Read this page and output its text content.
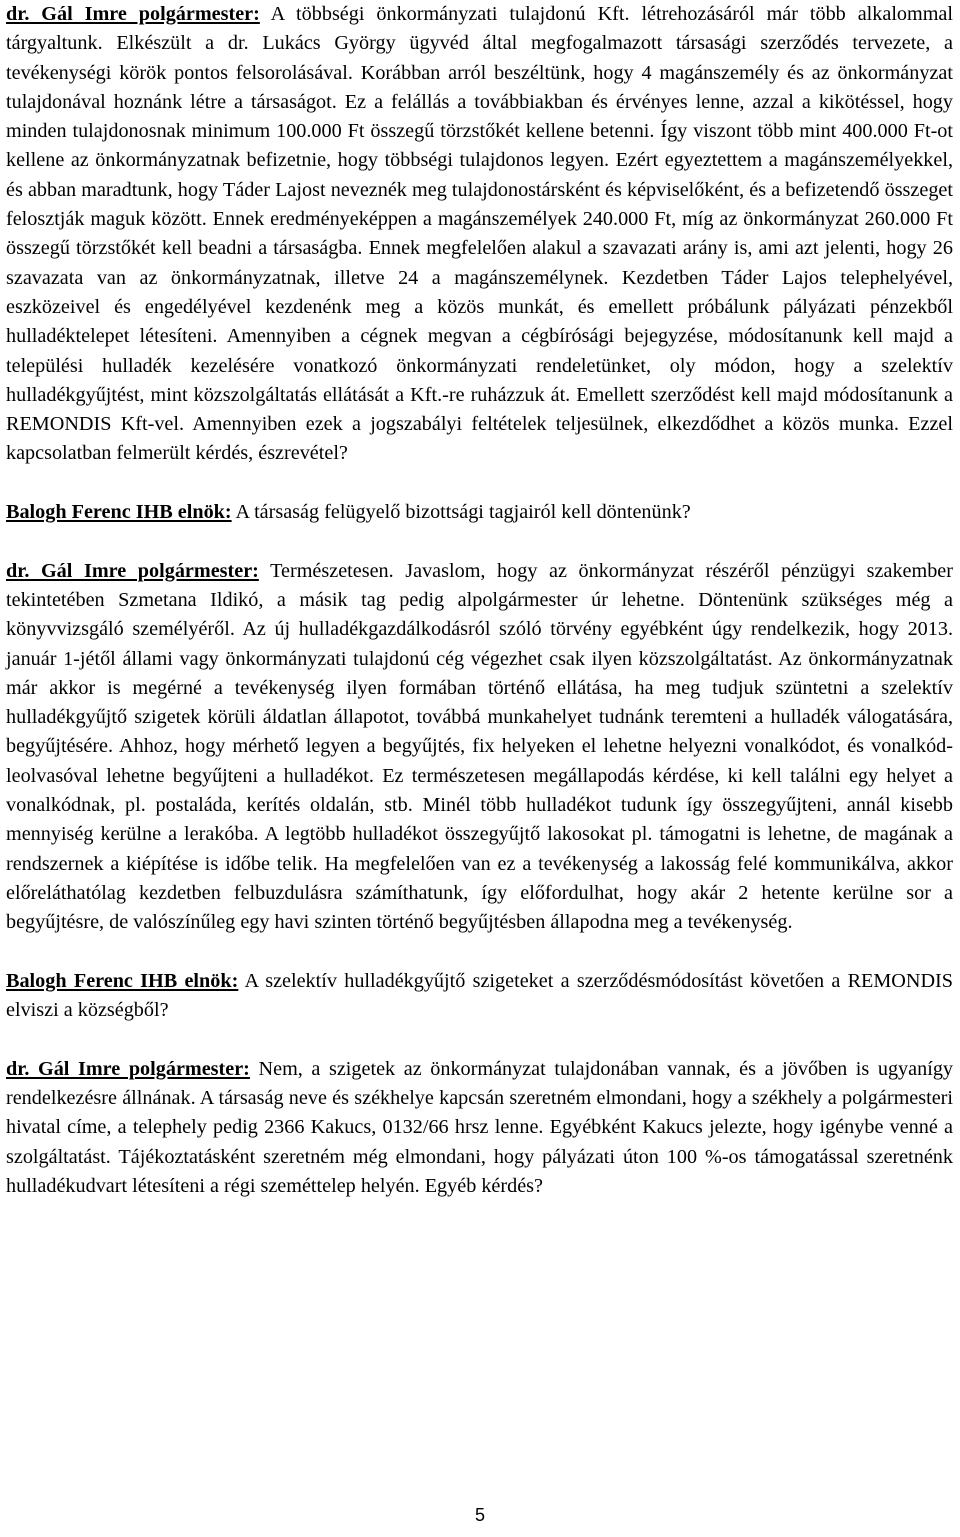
dr. Gál Imre polgármester: A többségi önkormányzati tulajdonú Kft. létrehozásáról már több alkalommal tárgyaltunk. Elkészült a dr. Lukács György ügyvéd által megfogalmazott társasági szerződés tervezete, a tevékenységi körök pontos felsorolásával. Korábban arról beszéltünk, hogy 4 magánszemély és az önkormányzat tulajdonával hoznánk létre a társaságot. Ez a felállás a továbbiakban és érvényes lenne, azzal a kikötéssel, hogy minden tulajdonosnak minimum 100.000 Ft összegű törzstőkét kellene betenni. Így viszont több mint 400.000 Ft-ot kellene az önkormányzatnak befizetnie, hogy többségi tulajdonos legyen. Ezért egyeztettem a magánszemélyekkel, és abban maradtunk, hogy Táder Lajost neveznék meg tulajdonostársként és képviselőként, és a befizetendő összeget felosztják maguk között. Ennek eredményeképpen a magánszemélyek 240.000 Ft, míg az önkormányzat 260.000 Ft összegű törzstőkét kell beadni a társaságba. Ennek megfelelően alakul a szavazati arány is, ami azt jelenti, hogy 26 szavazata van az önkormányzatnak, illetve 24 a magánszemélynek. Kezdetben Táder Lajos telephelyével, eszközeivel és engedélyével kezdenénk meg a közös munkát, és emellett próbálunk pályázati pénzekből hulladéktelepet létesíteni. Amennyiben a cégnek megvan a cégbírósági bejegyzése, módosítanunk kell majd a települési hulladék kezelésére vonatkozó önkormányzati rendeletünket, oly módon, hogy a szelektív hulladékgyűjtést, mint közszolgáltatás ellátását a Kft.-re ruházzuk át. Emellett szerződést kell majd módosítanunk a REMONDIS Kft-vel. Amennyiben ezek a jogszabályi feltételek teljesülnek, elkezdődhet a közös munka. Ezzel kapcsolatban felmerült kérdés, észrevétel?

Balogh Ferenc IHB elnök: A társaság felügyelő bizottsági tagjairól kell döntenünk?

dr. Gál Imre polgármester: Természetesen. Javaslom, hogy az önkormányzat részéről pénzügyi szakember tekintetében Szmetana Ildikó, a másik tag pedig alpolgármester úr lehetne. Döntenünk szükséges még a könyvvizsgáló személyéről. Az új hulladékgazdálkodásról szóló törvény egyébként úgy rendelkezik, hogy 2013. január 1-jétől állami vagy önkormányzati tulajdonú cég végezhet csak ilyen közszolgáltatást. Az önkormányzatnak már akkor is megérné a tevékenység ilyen formában történő ellátása, ha meg tudjuk szüntetni a szelektív hulladékgyűjtő szigetek körüli áldatlan állapotot, továbbá munkahelyet tudnánk teremteni a hulladék válogatására, begyűjtésére. Ahhoz, hogy mérhető legyen a begyűjtés, fix helyeken el lehetne helyezni vonalkódot, és vonalkód-leolvasóval lehetne begyűjteni a hulladékot. Ez természetesen megállapodás kérdése, ki kell találni egy helyet a vonalkódnak, pl. postaláda, kerítés oldalán, stb. Minél több hulladékot tudunk így összegyűjteni, annál kisebb mennyiség kerülne a lerakóba. A legtöbb hulladékot összegyűjtő lakosokat pl. támogatni is lehetne, de magának a rendszernek a kiépítése is időbe telik. Ha megfelelően van ez a tevékenység a lakosság felé kommunikálva, akkor előreláthatólag kezdetben felbuzdulásra számíthatunk, így előfordulhat, hogy akár 2 hetente kerülne sor a begyűjtésre, de valószínűleg egy havi szinten történő begyűjtésben állapodna meg a tevékenység.

Balogh Ferenc IHB elnök: A szelektív hulladékgyűjtő szigeteket a szerződésmódosítást követően a REMONDIS elviszi a községből?

dr. Gál Imre polgármester: Nem, a szigetek az önkormányzat tulajdonában vannak, és a jövőben is ugyanígy rendelkezésre állnának. A társaság neve és székhelye kapcsán szeretném elmondani, hogy a székhely a polgármesteri hivatal címe, a telephely pedig 2366 Kakucs, 0132/66 hrsz lenne. Egyébként Kakucs jelezte, hogy igénybe venné a szolgáltatást. Tájékoztatásként szeretném még elmondani, hogy pályázati úton 100 %-os támogatással szeretnénk hulladékudvart létesíteni a régi szeméttelep helyén. Egyéb kérdés?

5
